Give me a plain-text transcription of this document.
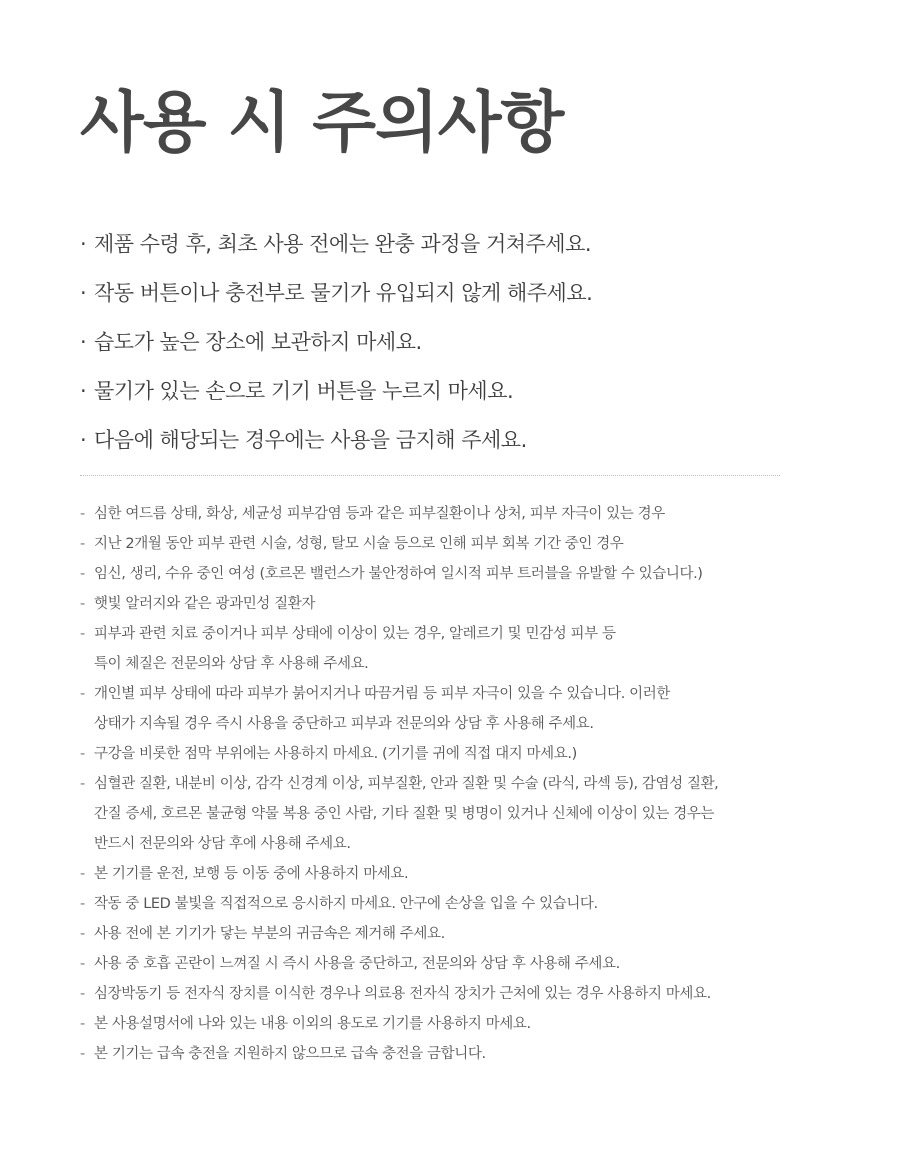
사용 시 주의사항
· 제품 수령 후, 최초 사용 전에는 완충 과정을 거쳐주세요.
· 작동 버튼이나 충전부로 물기가 유입되지 않게 해주세요.
· 습도가 높은 장소에 보관하지 마세요.
· 물기가 있는 손으로 기기 버튼을 누르지 마세요.
· 다음에 해당되는 경우에는 사용을 금지해 주세요.
- 심한 여드름 상태, 화상, 세균성 피부감염 등과 같은 피부질환이나 상처, 피부 자극이 있는 경우
- 지난 2개월 동안 피부 관련 시술, 성형, 탈모 시술 등으로 인해 피부 회복 기간 중인 경우
- 임신, 생리, 수유 중인 여성 (호르몬 밸런스가 불안정하여 일시적 피부 트러블을 유발할 수 있습니다.)
- 햇빛 알러지와 같은 광과민성 질환자
- 피부과 관련 치료 중이거나 피부 상태에 이상이 있는 경우, 알레르기 및 민감성 피부 등
특이 체질은 전문의와 상담 후 사용해 주세요.
- 개인별 피부 상태에 따라 피부가 붉어지거나 따끔거림 등 피부 자극이 있을 수 있습니다. 이러한
상태가 지속될 경우 즉시 사용을 중단하고 피부과 전문의와 상담 후 사용해 주세요.
- 구강을 비롯한 점막 부위에는 사용하지 마세요. (기기를 귀에 직접 대지 마세요.)
- 심혈관 질환, 내분비 이상, 감각 신경계 이상, 피부질환, 안과 질환 및 수술 (라식, 라섹 등), 감염성 질환,
간질 증세, 호르몬 불균형 약물 복용 중인 사람, 기타 질환 및 병명이 있거나 신체에 이상이 있는 경우는
반드시 전문의와 상담 후에 사용해 주세요.
- 본 기기를 운전, 보행 등 이동 중에 사용하지 마세요.
- 작동 중 LED 불빛을 직접적으로 응시하지 마세요. 안구에 손상을 입을 수 있습니다.
- 사용 전에 본 기기가 닿는 부분의 귀금속은 제거해 주세요.
- 사용 중 호흡 곤란이 느껴질 시 즉시 사용을 중단하고, 전문의와 상담 후 사용해 주세요.
- 심장박동기 등 전자식 장치를 이식한 경우나 의료용 전자식 장치가 근처에 있는 경우 사용하지 마세요.
- 본 사용설명서에 나와 있는 내용 이외의 용도로 기기를 사용하지 마세요.
- 본 기기는 급속 충전을 지원하지 않으므로 급속 충전을 금합니다.
